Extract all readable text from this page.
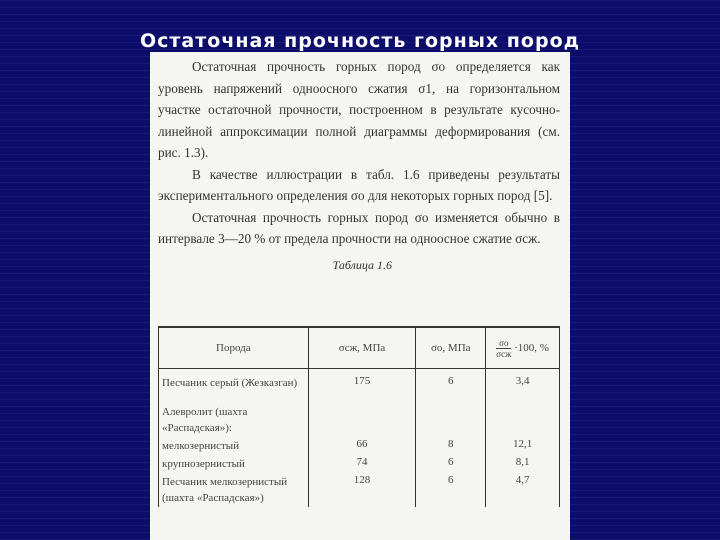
Остаточная прочность горных пород

Остаточная прочность горных пород σо определяется как уровень напряжений одноосного сжатия σ1, на горизонтальном участке остаточной прочности, построенном в результате кусочно-линейной аппроксимации полной диаграммы деформирования (см. рис. 1.3).

В качестве иллюстрации в табл. 1.6 приведены результаты экспериментального определения σо для некоторых горных пород [5].

Остаточная прочность горных пород σо изменяется обычно в интервале 3—20 % от предела прочности на одноосное сжатие σсж.

Таблица 1.6
Порода	σсж, МПа	σо, МПа	$\frac{\sigma о}{\text{σсж}} \cdot 100$, %
Песчаник серый (Жезказган)	175	6	3,4
Алевролит (шахта «Распадская»):			
мелкозернистый	66	8	12,1
крупнозернистый	74	6	8,1
Песчаник мелкозернистый (шахта «Распадская»)	128	6	4,7
